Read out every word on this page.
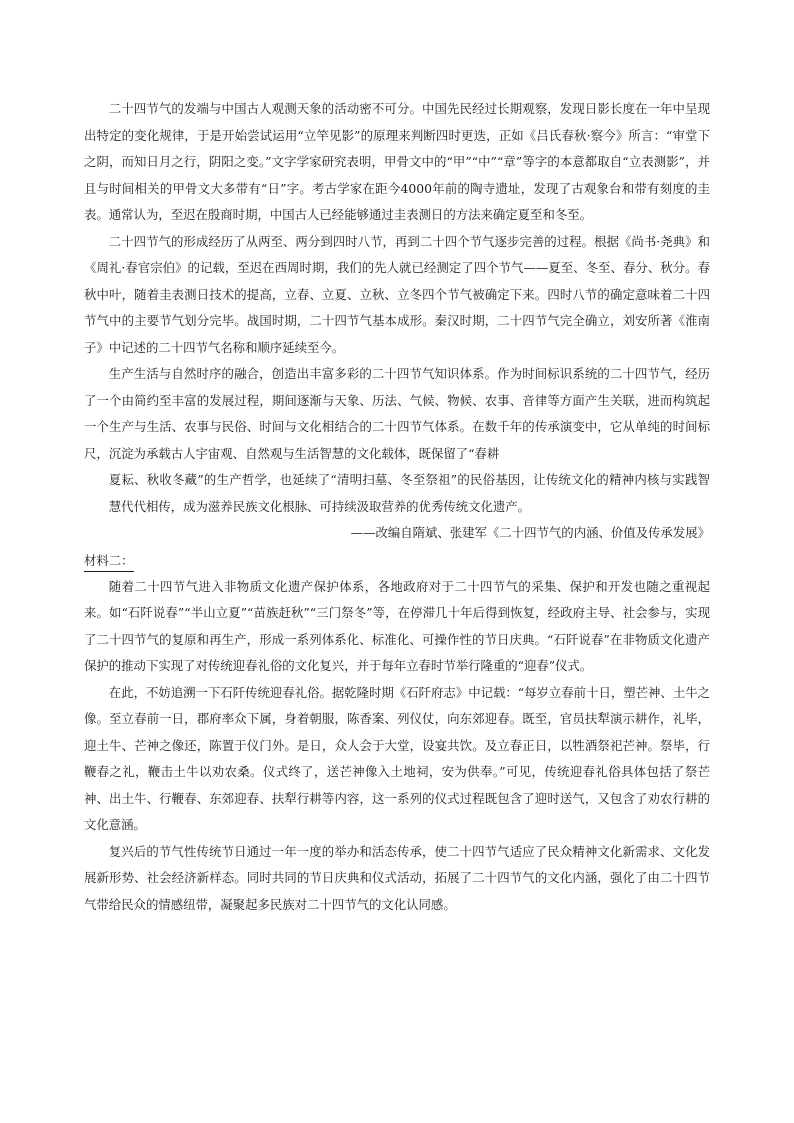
二十四节气的发端与中国古人观测天象的活动密不可分。中国先民经过长期观察，发现日影长度在一年中呈现出特定的变化规律，于是开始尝试运用“立竿见影”的原理来判断四时更迭，正如《吕氏春秋·察今》所言：“审堂下之阴，而知日月之行，阴阳之变。”文字学家研究表明，甲骨文中的“甲”“中”“章”等字的本意都取自“立表测影”，并且与时间相关的甲骨文大多带有“日”字。考古学家在距今4000年前的陶寺遗址，发现了古观象台和带有刻度的圭表。通常认为，至迟在殷商时期，中国古人已经能够通过圭表测日的方法来确定夏至和冬至。

二十四节气的形成经历了从两至、两分到四时八节，再到二十四个节气逐步完善的过程。根据《尚书·尧典》和《周礼·春官宗伯》的记载，至迟在西周时期，我们的先人就已经测定了四个节气——夏至、冬至、春分、秋分。春秋中叶，随着圭表测日技术的提高，立春、立夏、立秋、立冬四个节气被确定下来。四时八节的确定意味着二十四节气中的主要节气划分完毕。战国时期，二十四节气基本成形。秦汉时期，二十四节气完全确立，刘安所著《淮南子》中记述的二十四节气名称和顺序延续至今。

生产生活与自然时序的融合，创造出丰富多彩的二十四节气知识体系。作为时间标识系统的二十四节气，经历了一个由简约至丰富的发展过程，期间逐渐与天象、历法、气候、物候、农事、音律等方面产生关联，进而构筑起一个生产与生活、农事与民俗、时间与文化相结合的二十四节气体系。在数千年的传承演变中，它从单纯的时间标尺，沉淀为承载古人宇宙观、自然观与生活智慧的文化载体，既保留了“春耕
夏耘、秋收冬藏”的生产哲学，也延续了“清明扫墓、冬至祭祖”的民俗基因，让传统文化的精神内核与实践智慧代代相传，成为滋养民族文化根脉、可持续汲取营养的优秀传统文化遗产。

——改编自隋斌、张建军《二十四节气的内涵、价值及传承发展》

材料二：

随着二十四节气进入非物质文化遗产保护体系，各地政府对于二十四节气的采集、保护和开发也随之重视起来。如“石阡说春”“半山立夏”“苗族赶秋”“三门祭冬”等，在停滞几十年后得到恢复，经政府主导、社会参与，实现了二十四节气的复原和再生产，形成一系列体系化、标准化、可操作性的节日庆典。“石阡说春”在非物质文化遗产保护的推动下实现了对传统迎春礼俗的文化复兴，并于每年立春时节举行隆重的“迎春”仪式。

在此，不妨追溯一下石阡传统迎春礼俗。据乾隆时期《石阡府志》中记载：“每岁立春前十日，塑芒神、土牛之像。至立春前一日，郡府率众下属，身着朝服，陈香案、列仪仗，向东郊迎春。既至，官员扶犁演示耕作，礼毕，迎土牛、芒神之像还，陈置于仪门外。是日，众人会于大堂，设宴共饮。及立春正日，以牲酒祭祀芒神。祭毕，行鞭春之礼，鞭击土牛以劝农桑。仪式终了，送芒神像入土地祠，安为供奉。”可见，传统迎春礼俗具体包括了祭芒神、出土牛、行鞭春、东郊迎春、扶犁行耕等内容，这一系列的仪式过程既包含了迎时送气，又包含了劝农行耕的文化意涵。

复兴后的节气性传统节日通过一年一度的举办和活态传承，使二十四节气适应了民众精神文化新需求、文化发展新形势、社会经济新样态。同时共同的节日庆典和仪式活动，拓展了二十四节气的文化内涵，强化了由二十四节气带给民众的情感纽带，凝聚起多民族对二十四节气的文化认同感。
